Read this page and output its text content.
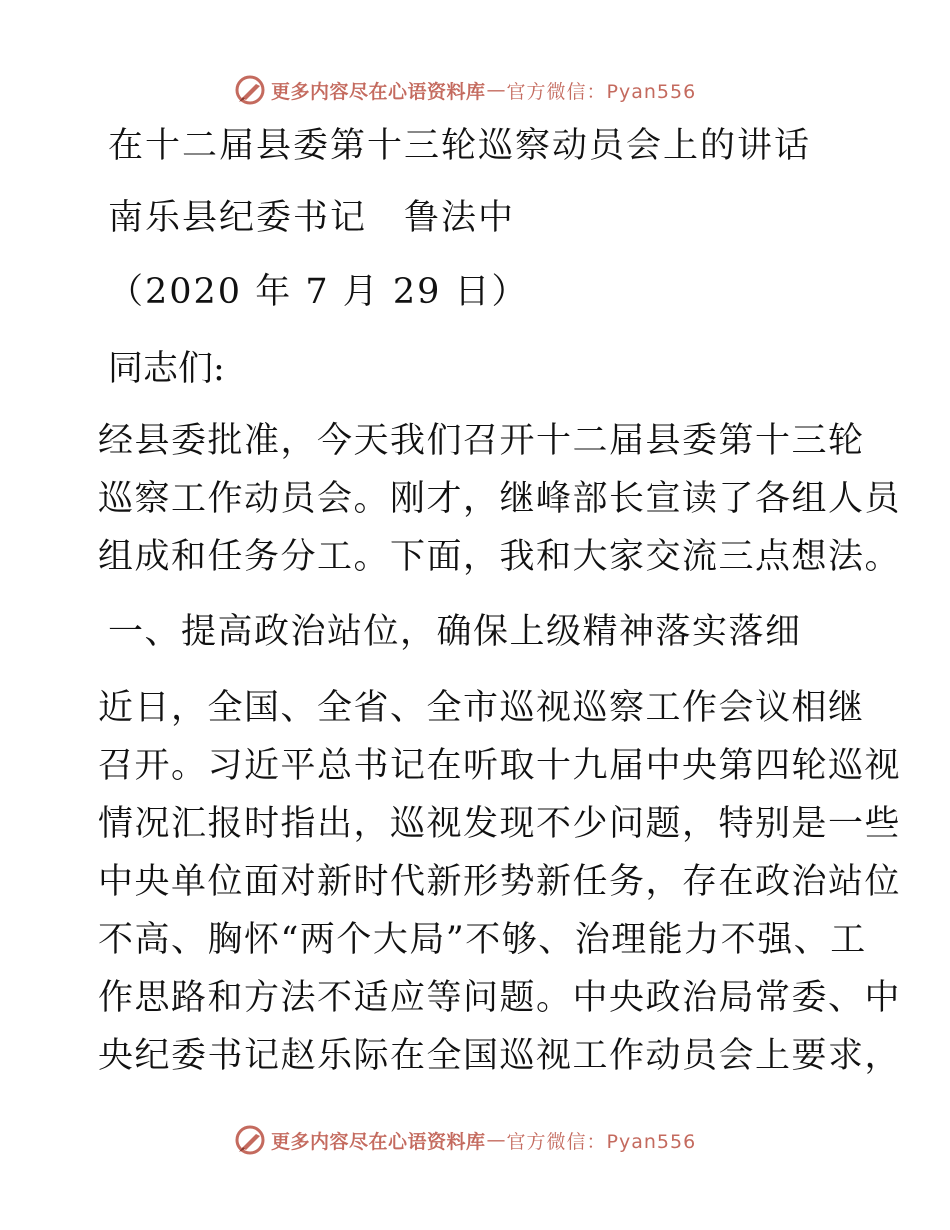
更多内容尽在心语资料库 — 官方微信：Pyan556
在十二届县委第十三轮巡察动员会上的讲话
南乐县纪委书记　鲁法中
（2020 年 7 月 29 日）
同志们:
经县委批准，今天我们召开十二届县委第十三轮
巡察工作动员会。刚才，继峰部长宣读了各组人员
组成和任务分工。下面，我和大家交流三点想法。
一、提高政治站位，确保上级精神落实落细
近日，全国、全省、全市巡视巡察工作会议相继
召开。习近平总书记在听取十九届中央第四轮巡视
情况汇报时指出，巡视发现不少问题，特别是一些
中央单位面对新时代新形势新任务，存在政治站位
不高、胸怀“两个大局”不够、治理能力不强、工
作思路和方法不适应等问题。中央政治局常委、中
央纪委书记赵乐际在全国巡视工作动员会上要求，
更多内容尽在心语资料库 — 官方微信：Pyan556
